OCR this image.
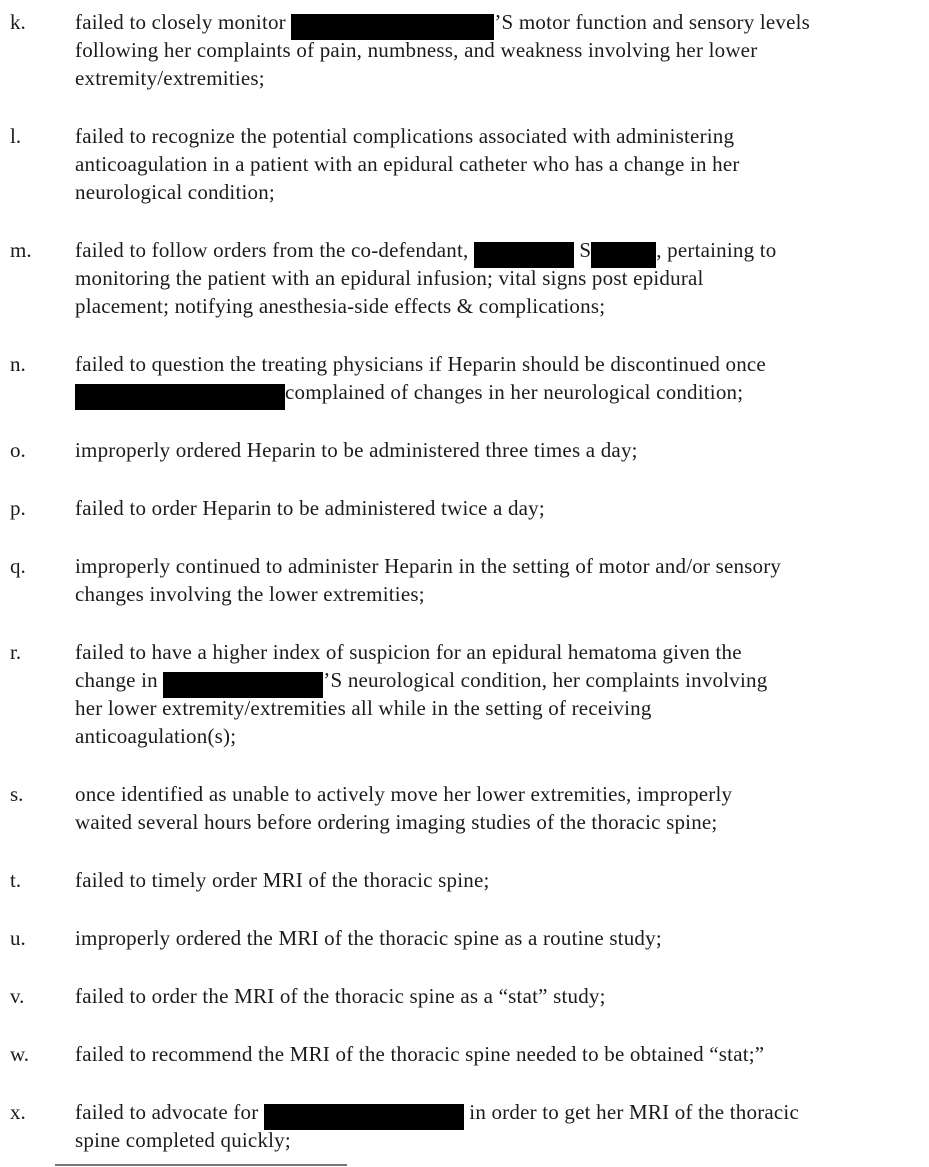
k.	failed to closely monitor	’S motor function and sensory levels
following her complaints of pain, numbness, and weakness involving her lower
extremity/extremities;
l.	failed to recognize the potential complications associated with administering
anticoagulation in a patient with an epidural catheter who has a change in her
neurological condition;
m.	failed to follow orders from the co-defendant,	S	, pertaining to
monitoring the patient with an epidural infusion; vital signs post epidural
placement; notifying anesthesia-side effects & complications;
n.	failed to question the treating physicians if Heparin should be discontinued once
complained of changes in her neurological condition;
o.	improperly ordered Heparin to be administered three times a day;
p.	failed to order Heparin to be administered twice a day;
q.	improperly continued to administer Heparin in the setting of motor and/or sensory
changes involving the lower extremities;
r.	failed to have a higher index of suspicion for an epidural hematoma given the
change in	’S neurological condition, her complaints involving
her lower extremity/extremities all while in the setting of receiving
anticoagulation(s);
s.	once identified as unable to actively move her lower extremities, improperly
waited several hours before ordering imaging studies of the thoracic spine;
t.	failed to timely order MRI of the thoracic spine;
u.	improperly ordered the MRI of the thoracic spine as a routine study;
v.	failed to order the MRI of the thoracic spine as a “stat” study;
w.	failed to recommend the MRI of the thoracic spine needed to be obtained “stat;”
x.	failed to advocate for	in order to get her MRI of the thoracic
spine completed quickly;
